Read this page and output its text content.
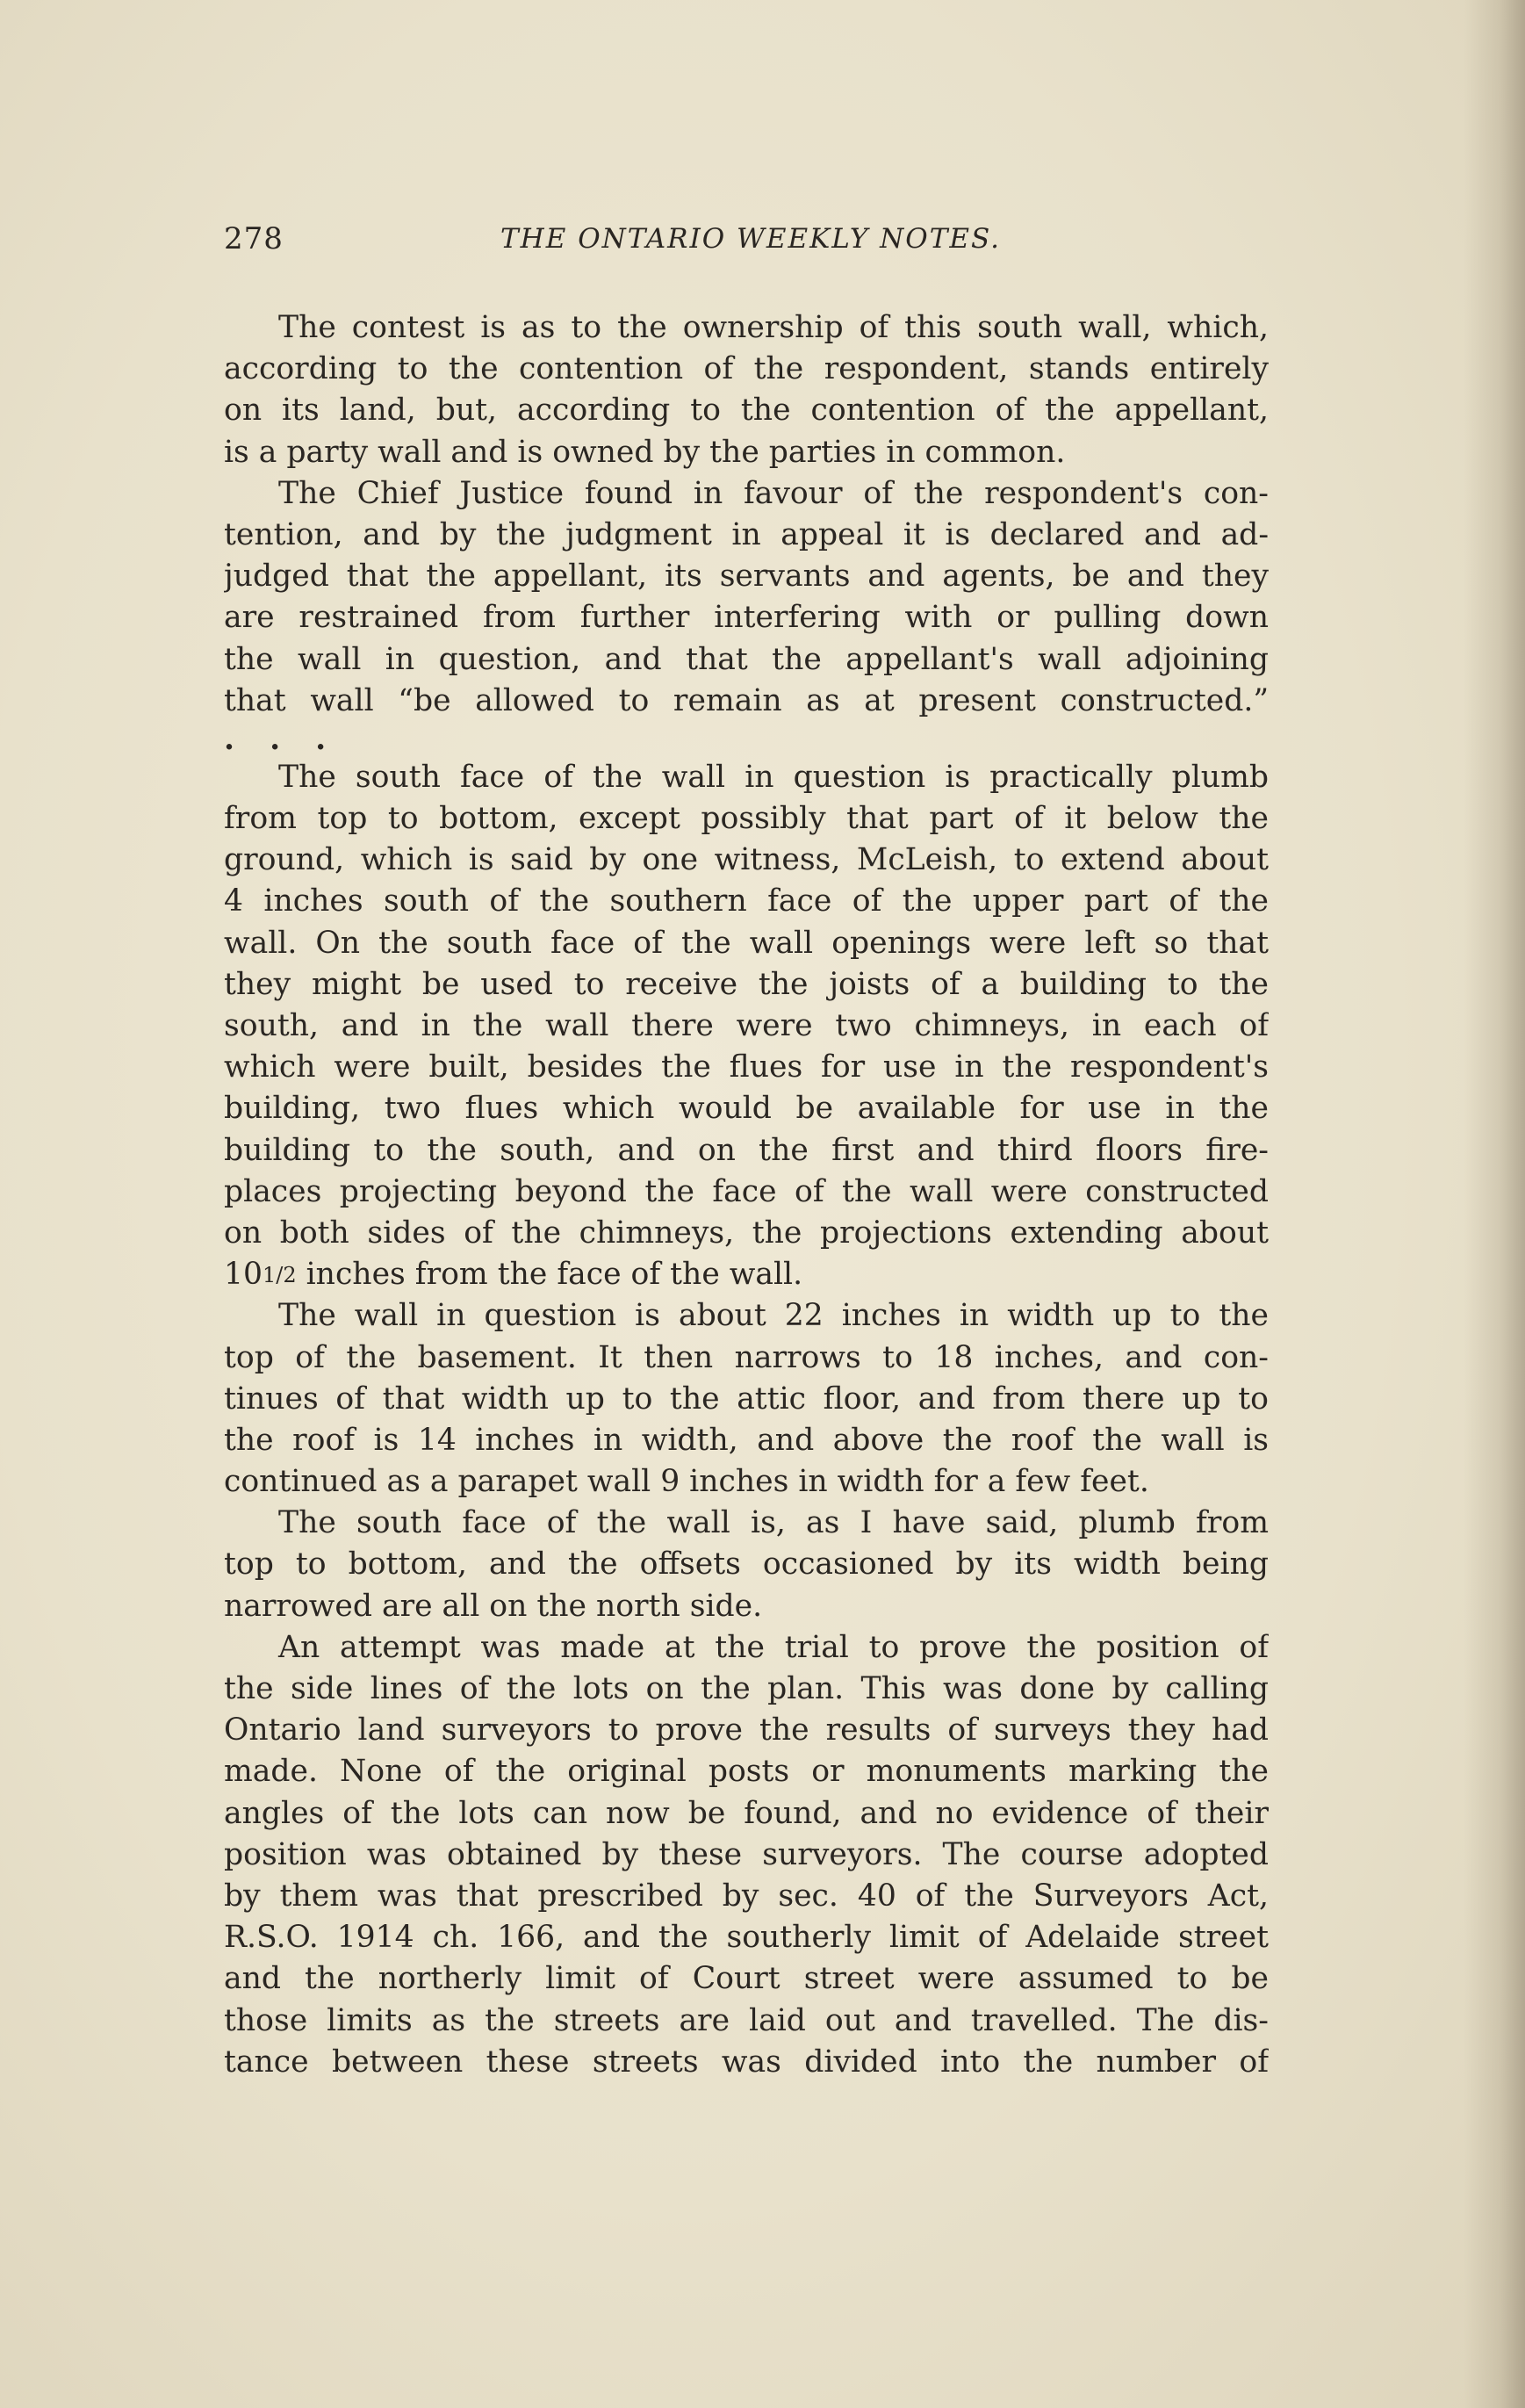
278	THE ONTARIO WEEKLY NOTES.
The contest is as to the ownership of this south wall, which,
according to the contention of the respondent, stands entirely
on its land, but, according to the contention of the appellant,
is a party wall and is owned by the parties in common.
The Chief Justice found in favour of the respondent's con-
tention, and by the judgment in appeal it is declared and ad-
judged that the appellant, its servants and agents, be and they
are restrained from further interfering with or pulling down
the wall in question, and that the appellant's wall adjoining
that wall “be allowed to remain as at present constructed.”
. . .
The south face of the wall in question is practically plumb
from top to bottom, except possibly that part of it below the
ground, which is said by one witness, McLeish, to extend about
4 inches south of the southern face of the upper part of the
wall. On the south face of the wall openings were left so that
they might be used to receive the joists of a building to the
south, and in the wall there were two chimneys, in each of
which were built, besides the flues for use in the respondent's
building, two flues which would be available for use in the
building to the south, and on the first and third floors fire-
places projecting beyond the face of the wall were constructed
on both sides of the chimneys, the projections extending about
101/2 inches from the face of the wall.
The wall in question is about 22 inches in width up to the
top of the basement. It then narrows to 18 inches, and con-
tinues of that width up to the attic floor, and from there up to
the roof is 14 inches in width, and above the roof the wall is
continued as a parapet wall 9 inches in width for a few feet.
The south face of the wall is, as I have said, plumb from
top to bottom, and the offsets occasioned by its width being
narrowed are all on the north side.
An attempt was made at the trial to prove the position of
the side lines of the lots on the plan. This was done by calling
Ontario land surveyors to prove the results of surveys they had
made. None of the original posts or monuments marking the
angles of the lots can now be found, and no evidence of their
position was obtained by these surveyors. The course adopted
by them was that prescribed by sec. 40 of the Surveyors Act,
R.S.O. 1914 ch. 166, and the southerly limit of Adelaide street
and the northerly limit of Court street were assumed to be
those limits as the streets are laid out and travelled. The dis-
tance between these streets was divided into the number of
